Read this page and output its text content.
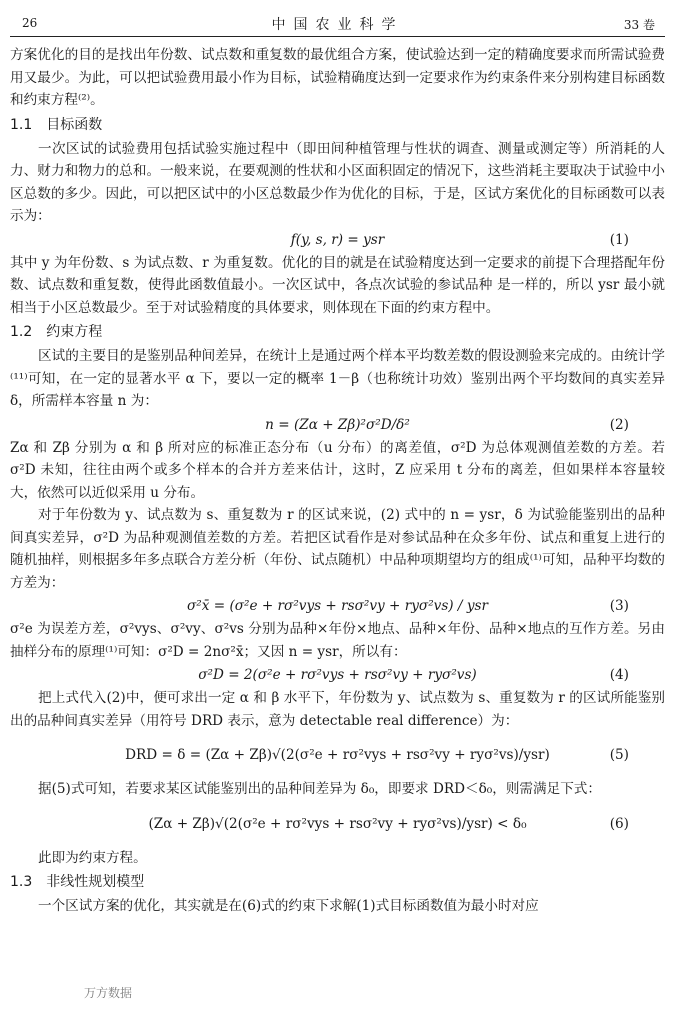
26	中国农业科学	33 卷

方案优化的目的是找出年份数、试点数和重复数的最优组合方案，使试验达到一定的精确度要求而所需试验费用又最少。为此，可以把试验费用最小作为目标，试验精确度达到一定要求作为约束条件来分别构建目标函数和约束方程⁽²⁾。

1.1 目标函数

一次区试的试验费用包括试验实施过程中（即田间种植管理与性状的调查、测量或测定等）所消耗的人力、财力和物力的总和。一般来说，在要观测的性状和小区面积固定的情况下，这些消耗主要取决于试验中小区总数的多少。因此，可以把区试中的小区总数最少作为优化的目标，于是，区试方案优化的目标函数可以表示为：

f(y, s, r) = ysr	(1)

其中 y 为年份数、s 为试点数、r 为重复数。优化的目的就是在试验精度达到一定要求的前提下合理搭配年份数、试点数和重复数，使得此函数值最小。一次区试中，各点次试验的参试品种 是一样的，所以 ysr 最小就相当于小区总数最少。至于对试验精度的具体要求，则体现在下面的约束方程中。

1.2 约束方程

区试的主要目的是鉴别品种间差异，在统计上是通过两个样本平均数差数的假设测验来完成的。由统计学⁽¹¹⁾可知，在一定的显著水平 α 下，要以一定的概率 1－β（也称统计功效）鉴别出两个平均数间的真实差异 δ，所需样本容量 n 为：

n = (Zα + Zβ)²σ²D/δ²	(2)

Zα 和 Zβ 分别为 α 和 β 所对应的标准正态分布（u 分布）的离差值，σ²D 为总体观测值差数的方差。若 σ²D 未知，往往由两个或多个样本的合并方差来估计，这时，Z 应采用 t 分布的离差，但如果样本容量较大，依然可以近似采用 u 分布。

对于年份数为 y、试点数为 s、重复数为 r 的区试来说，(2) 式中的 n = ysr，δ 为试验能鉴别出的品种间真实差异，σ²D 为品种观测值差数的方差。若把区试看作是对参试品种在众多年份、试点和重复上进行的随机抽样，则根据多年多点联合方差分析（年份、试点随机）中品种项期望均方的组成⁽¹⁾可知，品种平均数的方差为：

σ²x̄ = (σ²e + rσ²vys + rsσ²vy + ryσ²vs) / ysr	(3)

σ²e 为误差方差，σ²vys、σ²vy、σ²vs 分别为品种×年份×地点、品种×年份、品种×地点的互作方差。另由抽样分布的原理⁽¹⁾可知：σ²D = 2nσ²x̄；又因 n = ysr，所以有：

σ²D = 2(σ²e + rσ²vys + rsσ²vy + ryσ²vs)	(4)

把上式代入(2)中，便可求出一定 α 和 β 水平下，年份数为 y、试点数为 s、重复数为 r 的区试所能鉴别出的品种间真实差异（用符号 DRD 表示，意为 detectable real difference）为：

DRD = δ = (Zα + Zβ)√(2(σ²e + rσ²vys + rsσ²vy + ryσ²vs)/ysr)	(5)

据(5)式可知，若要求某区试能鉴别出的品种间差异为 δ₀，即要求 DRD＜δ₀，则需满足下式：

(Zα + Zβ)√(2(σ²e + rσ²vys + rsσ²vy + ryσ²vs)/ysr) < δ₀	(6)

此即为约束方程。

1.3 非线性规划模型

一个区试方案的优化，其实就是在(6)式的约束下求解(1)式目标函数值为最小时对应

万方数据
